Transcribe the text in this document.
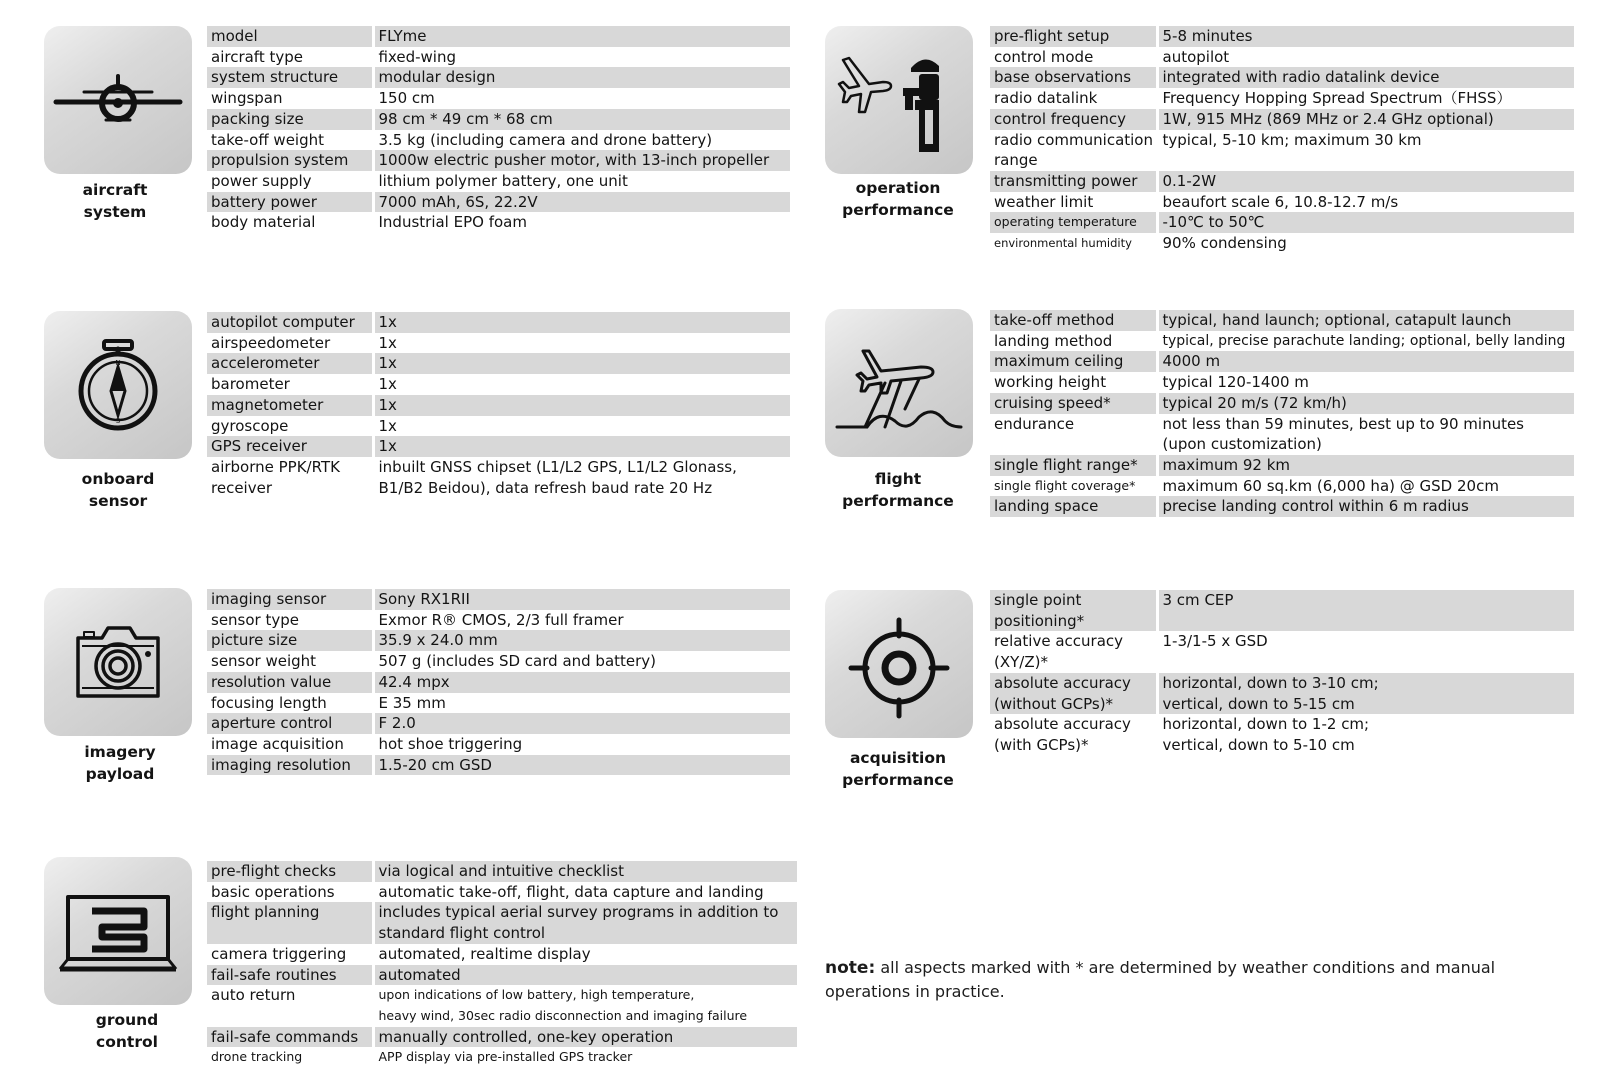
aircraft
system
model	FLYme
aircraft type	fixed-wing
system structure	modular design
wingspan	150 cm
packing size	98 cm * 49 cm * 68 cm
take-off weight	3.5 kg (including camera and drone battery)
propulsion system	1000w electric pusher motor, with 13-inch propeller
power supply	lithium polymer battery, one unit
battery power	7000 mAh, 6S, 22.2V
body material	Industrial EPO foam
N
S
onboard
sensor
autopilot computer	1x
airspeedometer	1x
accelerometer	1x
barometer	1x
magnetometer	1x
gyroscope	1x
GPS receiver	1x
airborne PPK/RTK	inbuilt GNSS chipset (L1/L2 GPS, L1/L2 Glonass,
receiver	B1/B2 Beidou), data refresh baud rate 20 Hz
imagery
payload
imaging sensor	Sony RX1RII
sensor type	Exmor R® CMOS, 2/3 full framer
picture size	35.9 x 24.0 mm
sensor weight	507 g (includes SD card and battery)
resolution value	42.4 mpx
focusing length	E 35 mm
aperture control	F 2.0
image acquisition	hot shoe triggering
imaging resolution	1.5-20 cm GSD
ground
control
pre-flight checks	via logical and intuitive checklist
basic operations	automatic take-off, flight, data capture and landing
flight planning	includes typical aerial survey programs in addition to
	standard flight control
camera triggering	automated, realtime display
fail-safe routines	automated
auto return	upon indications of low battery, high temperature,
	heavy wind, 30sec radio disconnection and imaging failure
fail-safe commands	manually controlled, one-key operation
drone tracking	APP display via pre-installed GPS tracker
operation
performance
pre-flight setup	5-8 minutes
control mode	autopilot
base observations	integrated with radio datalink device
radio datalink	Frequency Hopping Spread Spectrum（FHSS）
control frequency	1W, 915 MHz (869 MHz or 2.4 GHz optional)
radio communication	typical, 5-10 km; maximum 30 km
range	
transmitting power	0.1-2W
weather limit	beaufort scale 6, 10.8-12.7 m/s
operating temperature	-10℃ to 50℃
environmental humidity	90% condensing
flight
performance
take-off method	typical, hand launch; optional, catapult launch
landing method	typical, precise parachute landing; optional, belly landing
maximum ceiling	4000 m
working height	typical 120-1400 m
cruising speed*	typical 20 m/s (72 km/h)
endurance	not less than 59 minutes, best up to 90 minutes
	(upon customization)
single flight range*	maximum 92 km
single flight coverage*	maximum 60 sq.km (6,000 ha) @ GSD 20cm
landing space	precise landing control within 6 m radius
acquisition
performance
single point	3 cm CEP
positioning*	
relative accuracy	1-3/1-5 x GSD
(XY/Z)*	
absolute accuracy	horizontal, down to 3-10 cm;
(without GCPs)*	vertical, down to 5-15 cm
absolute accuracy	horizontal, down to 1-2 cm;
(with GCPs)*	vertical, down to 5-10 cm
note: all aspects marked with * are determined by weather conditions and manual operations in practice.
